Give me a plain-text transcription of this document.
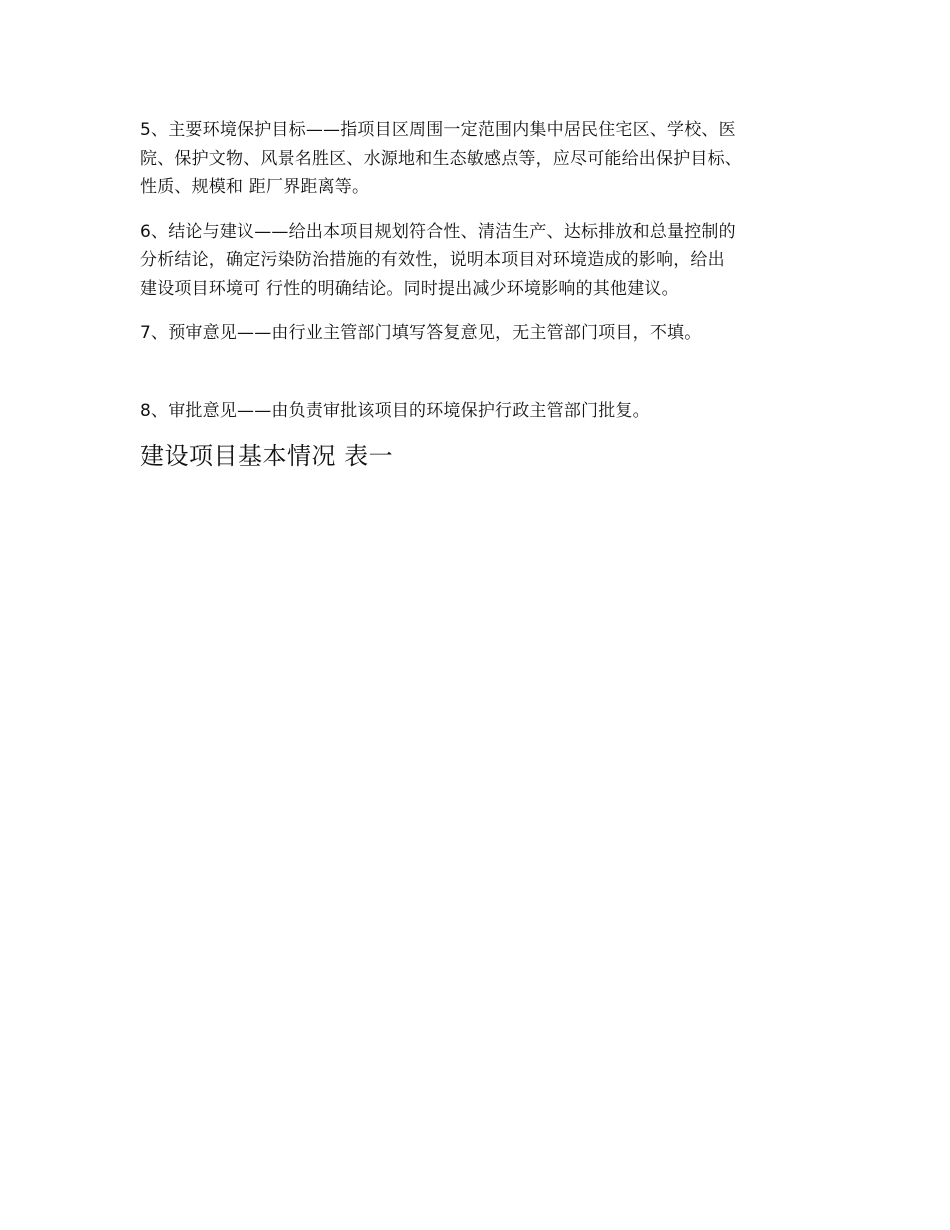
5、主要环境保护目标——指项目区周围一定范围内集中居民住宅区、学校、医
院、保护文物、风景名胜区、水源地和生态敏感点等，应尽可能给出保护目标、
性质、规模和 距厂界距离等。

6、结论与建议——给出本项目规划符合性、清洁生产、达标排放和总量控制的
分析结论，确定污染防治措施的有效性，说明本项目对环境造成的影响，给出
建设项目环境可 行性的明确结论。同时提出减少环境影响的其他建议。

7、预审意见——由行业主管部门填写答复意见，无主管部门项目，不填。

8、审批意见——由负责审批该项目的环境保护行政主管部门批复。

建设项目基本情况 表一
